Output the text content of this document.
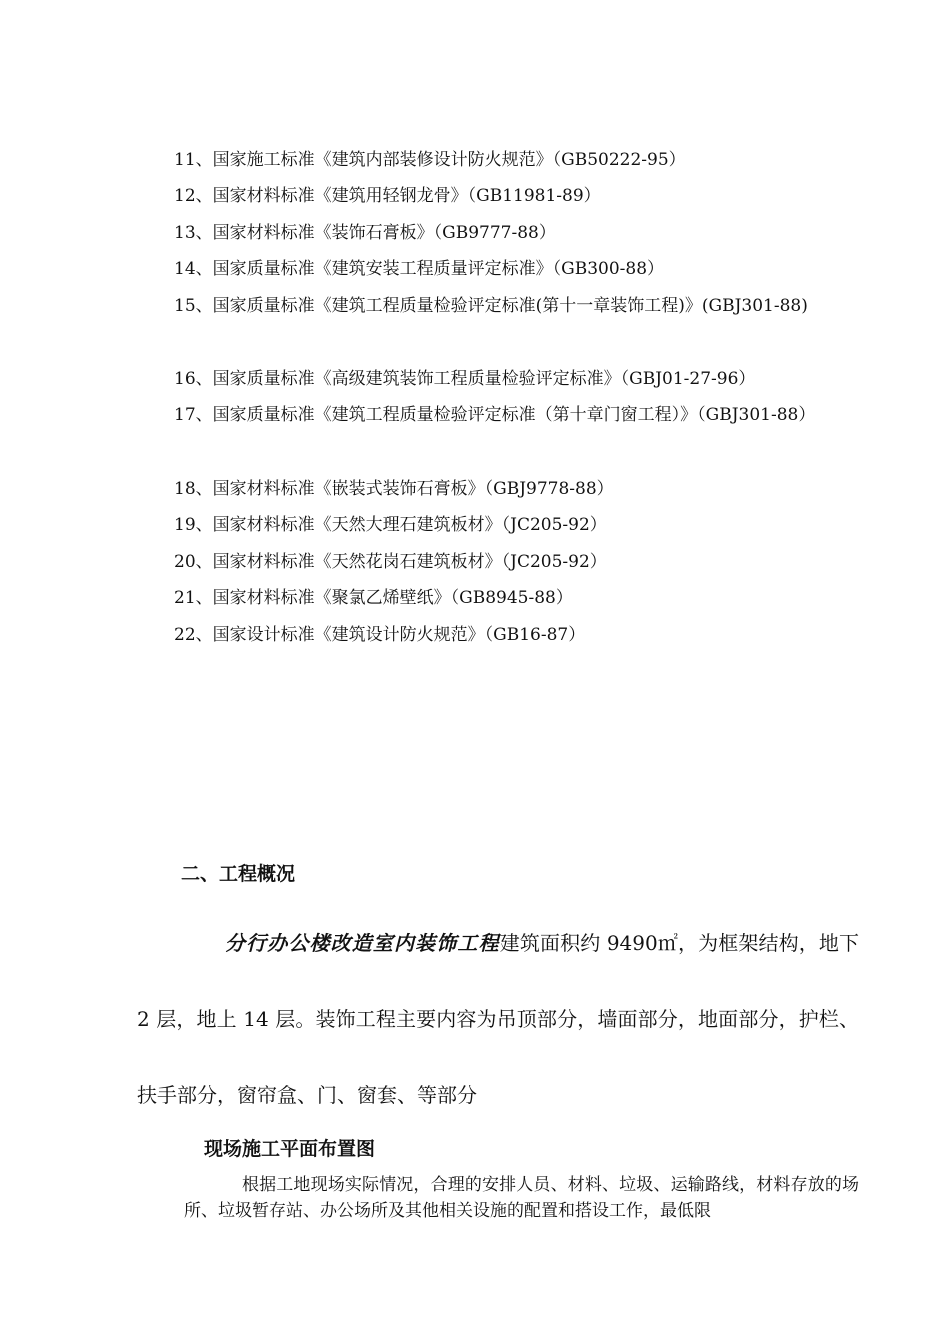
11、国家施工标准《建筑内部装修设计防火规范》（GB50222-95）
12、国家材料标准《建筑用轻钢龙骨》（GB11981-89）
13、国家材料标准《装饰石膏板》（GB9777-88）
14、国家质量标准《建筑安装工程质量评定标准》（GB300-88）
15、国家质量标准《建筑工程质量检验评定标准(第十一章装饰工程)》(GBJ301-88)
16、国家质量标准《高级建筑装饰工程质量检验评定标准》（GBJ01-27-96）
17、国家质量标准《建筑工程质量检验评定标准（第十章门窗工程）》（GBJ301-88）
18、国家材料标准《嵌装式装饰石膏板》（GBJ9778-88）
19、国家材料标准《天然大理石建筑板材》（JC205-92）
20、国家材料标准《天然花岗石建筑板材》（JC205-92）
21、国家材料标准《聚氯乙烯壁纸》（GB8945-88）
22、国家设计标准《建筑设计防火规范》（GB16-87）
二、工程概况
分行办公楼改造室内装饰工程建筑面积约 9490㎡，为框架结构，地下 2 层，地上 14 层。装饰工程主要内容为吊顶部分，墙面部分，地面部分，护栏、扶手部分，窗帘盒、门、窗套、等部分
现场施工平面布置图
根据工地现场实际情况，合理的安排人员、材料、垃圾、运输路线，材料存放的场所、垃圾暂存站、办公场所及其他相关设施的配置和搭设工作，最低限
